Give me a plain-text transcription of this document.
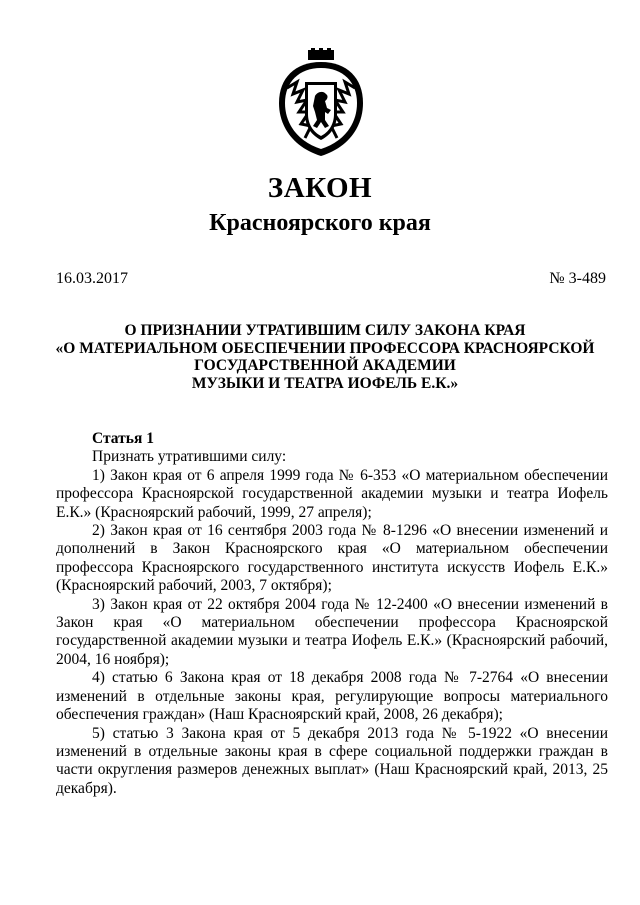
ЗАКОН
Красноярского края
16.03.2017	№ 3-489
О ПРИЗНАНИИ УТРАТИВШИМ СИЛУ ЗАКОНА КРАЯ
«О МАТЕРИАЛЬНОМ ОБЕСПЕЧЕНИИ ПРОФЕССОРА КРАСНОЯРСКОЙ
ГОСУДАРСТВЕННОЙ АКАДЕМИИ
МУЗЫКИ И ТЕАТРА ИОФЕЛЬ Е.К.»
Статья 1
Признать утратившими силу:
1) Закон края от 6 апреля 1999 года № 6-353 «О материальном обеспечении профессора Красноярской государственной академии музыки и театра Иофель Е.К.» (Красноярский рабочий, 1999, 27 апреля);
2) Закон края от 16 сентября 2003 года № 8-1296 «О внесении изменений и дополнений в Закон Красноярского края «О материальном обеспечении профессора Красноярского государственного института искусств Иофель Е.К.» (Красноярский рабочий, 2003, 7 октября);
3) Закон края от 22 октября 2004 года № 12-2400 «О внесении изменений в Закон края «О материальном обеспечении профессора Красноярской государственной академии музыки и театра Иофель Е.К.» (Красноярский рабочий, 2004, 16 ноября);
4) статью 6 Закона края от 18 декабря 2008 года № 7-2764 «О внесении изменений в отдельные законы края, регулирующие вопросы материального обеспечения граждан» (Наш Красноярский край, 2008, 26 декабря);
5) статью 3 Закона края от 5 декабря 2013 года № 5-1922 «О внесении изменений в отдельные законы края в сфере социальной поддержки граждан в части округления размеров денежных выплат» (Наш Красноярский край, 2013, 25 декабря).
